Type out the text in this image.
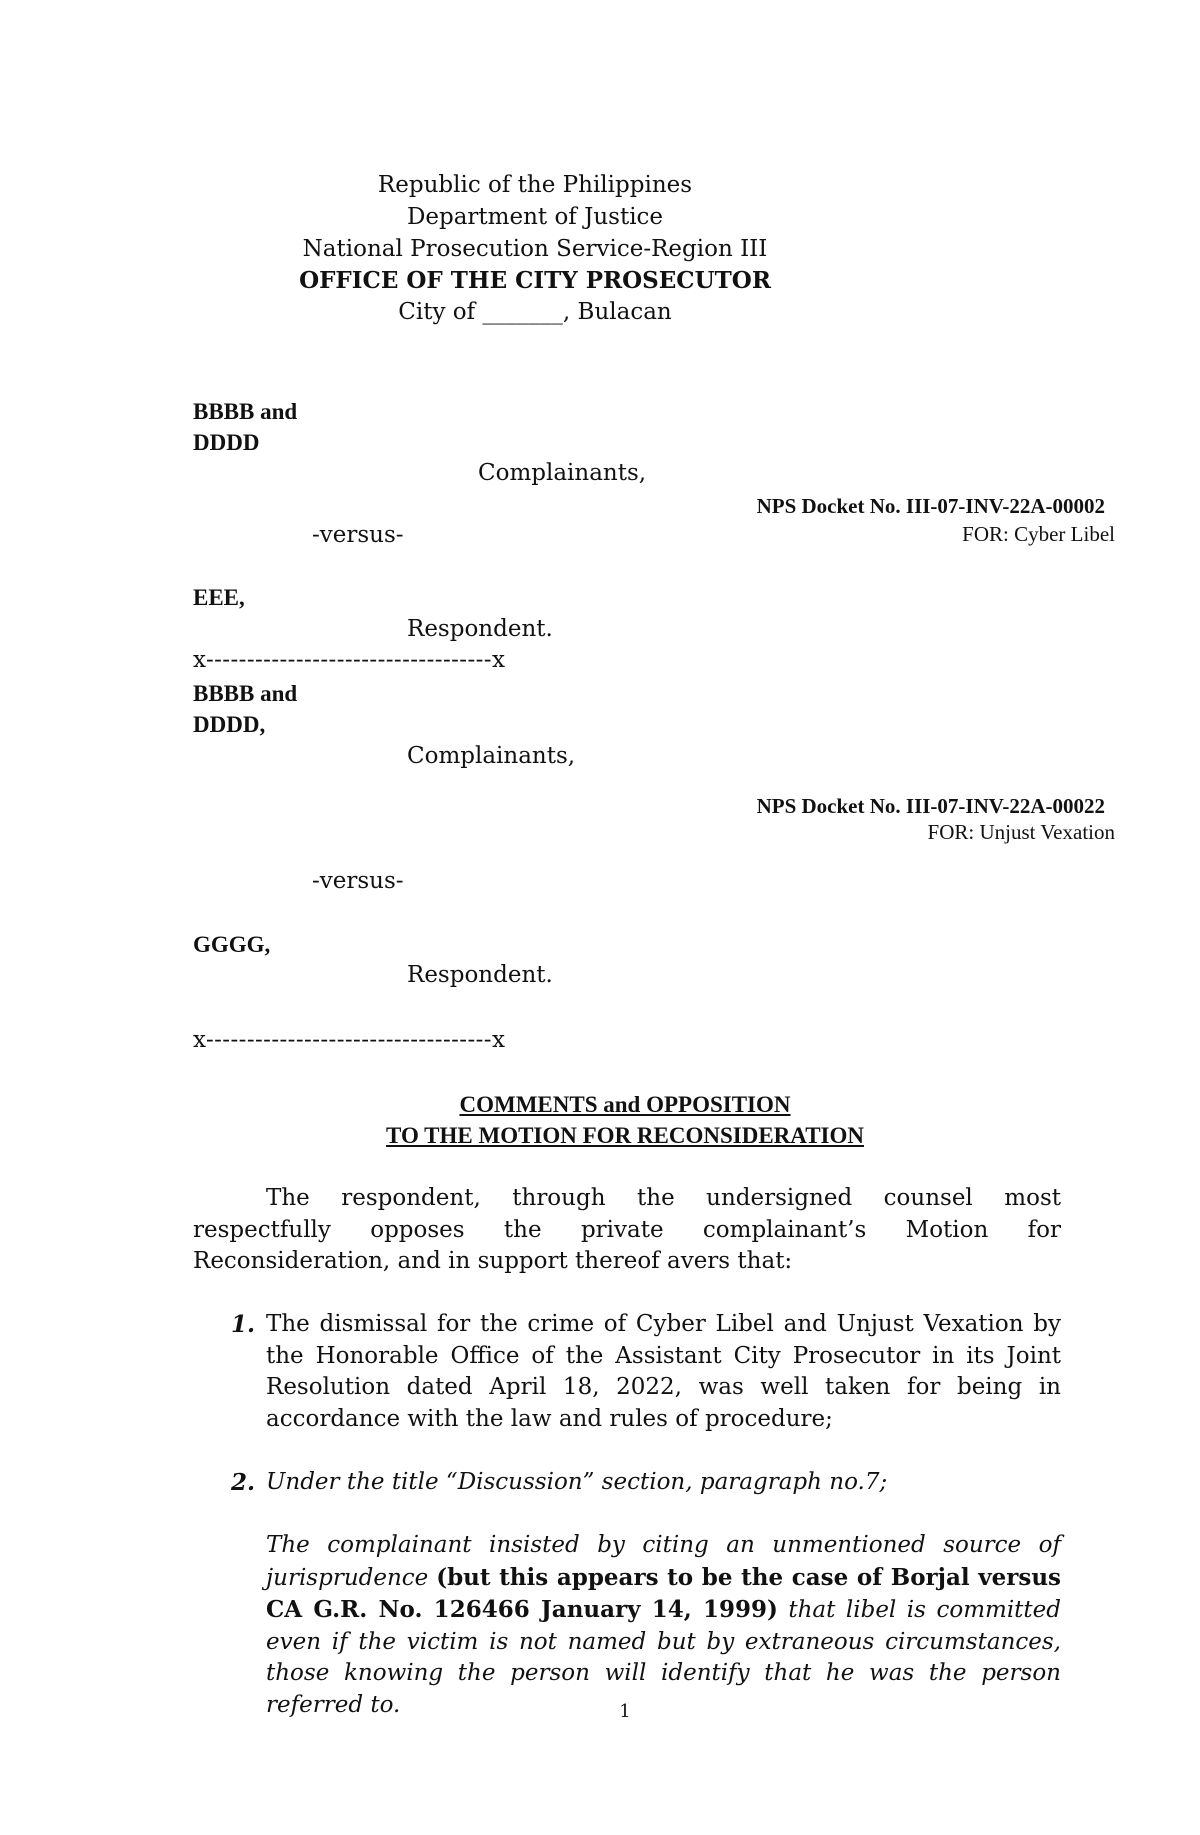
Republic of the Philippines
Department of Justice
National Prosecution Service-Region III
OFFICE OF THE CITY PROSECUTOR
City of _______, Bulacan
BBBB and
DDDD
Complainants,
NPS Docket No. III-07-INV-22A-00002
-versus-	FOR: Cyber Libel
EEE,
Respondent.
x-----------------------------------x
BBBB and
DDDD,
Complainants,
NPS Docket No. III-07-INV-22A-00022
FOR: Unjust Vexation
-versus-
GGGG,
Respondent.
x-----------------------------------x
COMMENTS and OPPOSITION
TO THE MOTION FOR RECONSIDERATION
The respondent, through the undersigned counsel most respectfully opposes the private complainant’s Motion for Reconsideration, and in support thereof avers that:
1. The dismissal for the crime of Cyber Libel and Unjust Vexation by the Honorable Office of the Assistant City Prosecutor in its Joint Resolution dated April 18, 2022, was well taken for being in accordance with the law and rules of procedure;
2. Under the title “Discussion” section, paragraph no.7;
The complainant insisted by citing an unmentioned source of jurisprudence (but this appears to be the case of Borjal versus CA G.R. No. 126466 January 14, 1999) that libel is committed even if the victim is not named but by extraneous circumstances, those knowing the person will identify that he was the person referred to.	1
